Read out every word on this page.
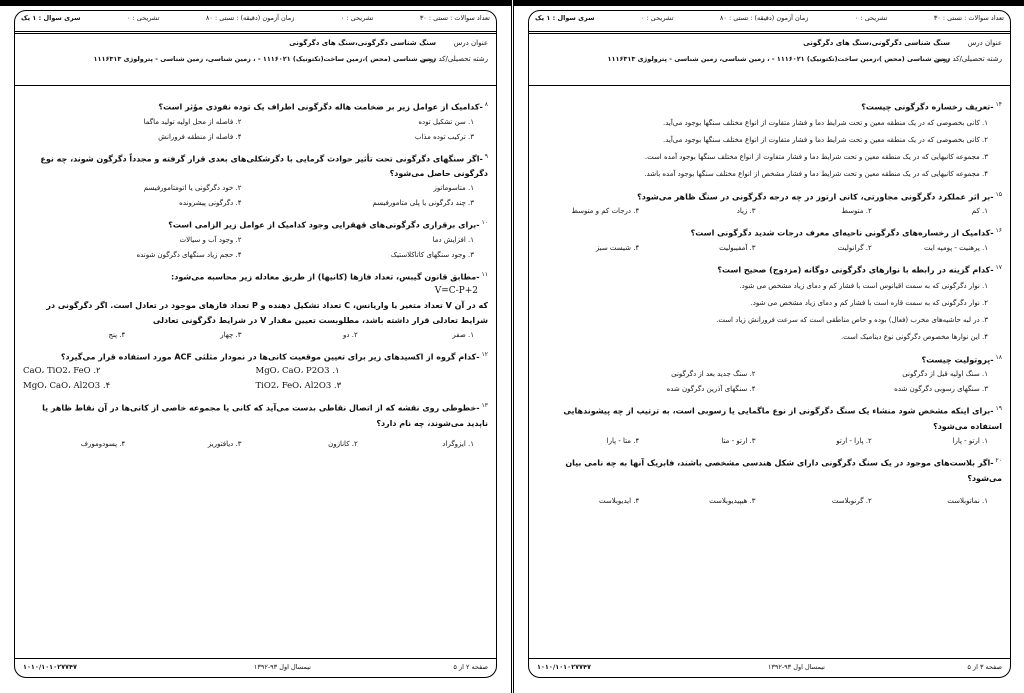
تعداد سوالات : تستی : ۳۰
تشریحی : ۰
زمان آزمون (دقیقه) : تستی : ۸۰
تشریحی : ۰
سری سوال : ۱ یک
عنوان درس
سنگ شناسی دگرگونی،سنگ های دگرگونی
رشته تحصیلی/کد درس
زمین شناسی (محض )،زمین ساخت(تکتونیک) ۱۱۱۶۰۲۱ - ، زمین شناسی، زمین شناسی - پترولوژی ۱۱۱۶۳۱۳
$^۸$-کدامیک از عوامل زیر بر ضخامت هاله دگرگونی اطراف یک توده نفوذی مؤثر است؟
۱. سن تشکیل توده
۲. فاصله از محل اولیه تولید ماگما
۳. ترکیب توده مذاب
۴. فاصله از منطقه فرورانش
$^۹$-اگر سنگهای دگرگونی تحت تأثیر حوادث گرمایی با دگرشکلی‌های بعدی قرار گرفته و مجدداً دگرگون شوند، چه نوع دگرگونی حاصل می‌شود؟
۱. متاسوماتوز
۲. خود دگرگونی یا اتومتامورفیسم
۳. چند دگرگونی یا پلی متامورفیسم
۴. دگرگونی پیشرونده
$^{۱۰}$-برای برقراری دگرگونی‌های قهقرایی وجود کدامیک از عوامل زیر الزامی است؟
۱. افزایش دما
۲. وجود آب و سیالات
۳. وجود سنگهای کاتاکلاستیک
۴. حجم زیاد سنگهای دگرگون شونده
$^{۱۱}$-مطابق قانون گیبس، تعداد فازها (کانیها) از طریق معادله زیر محاسبه می‌شود:
V=C-P+2
که در آن V تعداد متغیر یا واریانس، C تعداد تشکیل دهنده و P تعداد فازهای موجود در تعادل است. اگر دگرگونی در شرایط تعادلی قرار داشته باشد، مطلوبست تعیین مقدار V در شرایط دگرگونی تعادلی
۱. صفر
۲. دو
۳. چهار
۴. پنج
$^{۱۲}$-کدام گروه از اکسیدهای زیر برای تعیین موقعیت کانی‌ها در نمودار مثلثی ACF مورد استفاده قرار می‌گیرد؟
MgO، CaO، P2O3 .۱
CaO، TiO2، FeO .۲
TiO2، FeO، Al2O3 .۳
MgO، CaO، Al2O3 .۴
$^{۱۳}$-خطوطی روی نقشه که از اتصال نقاطی بدست می‌آید که کانی یا مجموعه خاصی از کانی‌ها در آن نقاط ظاهر یا ناپدید می‌شوند، چه نام دارد؟
۱. ایزوگراد
۲. کانازون
۳. دیافتوریز
۴. پسودومورف
صفحه ۲ از ۵
نیمسال اول ۹۳-۱۳۹۲
۱۰۱۰/۱۰۱۰۲۷۷۴۷
تعداد سوالات : تستی : ۳۰
تشریحی : ۰
زمان آزمون (دقیقه) : تستی : ۸۰
تشریحی : ۰
سری سوال : ۱ یک
عنوان درس
سنگ شناسی دگرگونی،سنگ های دگرگونی
رشته تحصیلی/کد درس
زمین شناسی (محض )،زمین ساخت(تکتونیک) ۱۱۱۶۰۲۱ - ، زمین شناسی، زمین شناسی - پترولوژی ۱۱۱۶۳۱۳
$^{۱۴}$-تعریف رخساره دگرگونی چیست؟
۱. کانی بخصوصی که در یک منطقه معین و تحت شرایط دما و فشار متفاوت از انواع مختلف سنگها بوجود می‌آید.
۲. کانی بخصوصی که در یک منطقه معین و تحت شرایط دما و فشار متفاوت از انواع مختلف سنگها بوجود می‌آید.
۳. مجموعه کانیهایی که در یک منطقه معین و تحت شرایط دما و فشار متفاوت از انواع مختلف سنگها بوجود آمده است.
۴. مجموعه کانیهایی که در یک منطقه معین و تحت شرایط دما و فشار مشخص از انواع مختلف سنگها بوجود آمده باشد.
$^{۱۵}$-بر اثر عملکرد دگرگونی مجاورتی، کانی ارتوز در چه درجه دگرگونی در سنگ ظاهر می‌شود؟
۱. کم
۲. متوسط
۳. زیاد
۴. درجات کم و متوسط
$^{۱۶}$-کدامیک از رخساره‌های دگرگونی ناحیه‌ای معرف درجات شدید دگرگونی است؟
۱. پرهنیت - پومپه ایت
۲. گرانولیت
۳. آمفیبولیت
۴. شیست سبز
$^{۱۷}$-کدام گزینه در رابطه با نوارهای دگرگونی دوگانه (مزدوج) صحیح است؟
۱. نوار دگرگونی که به سمت اقیانوس است با فشار کم و دمای زیاد مشخص می شود.
۲. نوار دگرگونی که به سمت قاره است با فشار کم و دمای زیاد مشخص می شود.
۳. در لبه حاشیه‌های مخرب (فعال) بوده و خاص مناطقی است که سرعت فرورانش زیاد است.
۴. این نوارها مخصوص دگرگونی نوع دینامیک است.
$^{۱۸}$-پروتولیت چیست؟
۱. سنگ اولیه قبل از دگرگونی
۲. سنگ جدید بعد از دگرگونی
۳. سنگهای رسوبی دگرگون شده
۴. سنگهای آذرین دگرگون شده
$^{۱۹}$-برای اینکه مشخص شود منشاء یک سنگ دگرگونی از نوع ماگمایی یا رسوبی است، به ترتیب از چه پیشوندهایی استفاده می‌شود؟
۱. ارتو - پارا
۲. پارا - ارتو
۳. ارتو - متا
۴. متا - پارا
$^{۲۰}$-اگر بلاست‌های موجود در یک سنگ دگرگونی دارای شکل هندسی مشخصی باشند، فابریک آنها به چه نامی بیان می‌شود؟
۱. نماتوبلاست
۲. گرنوبلاست
۳. هیپیدیوبلاست
۴. ایدیوبلاست
صفحه ۳ از ۵
نیمسال اول ۹۳-۱۳۹۲
۱۰۱۰/۱۰۱۰۲۷۷۴۷
